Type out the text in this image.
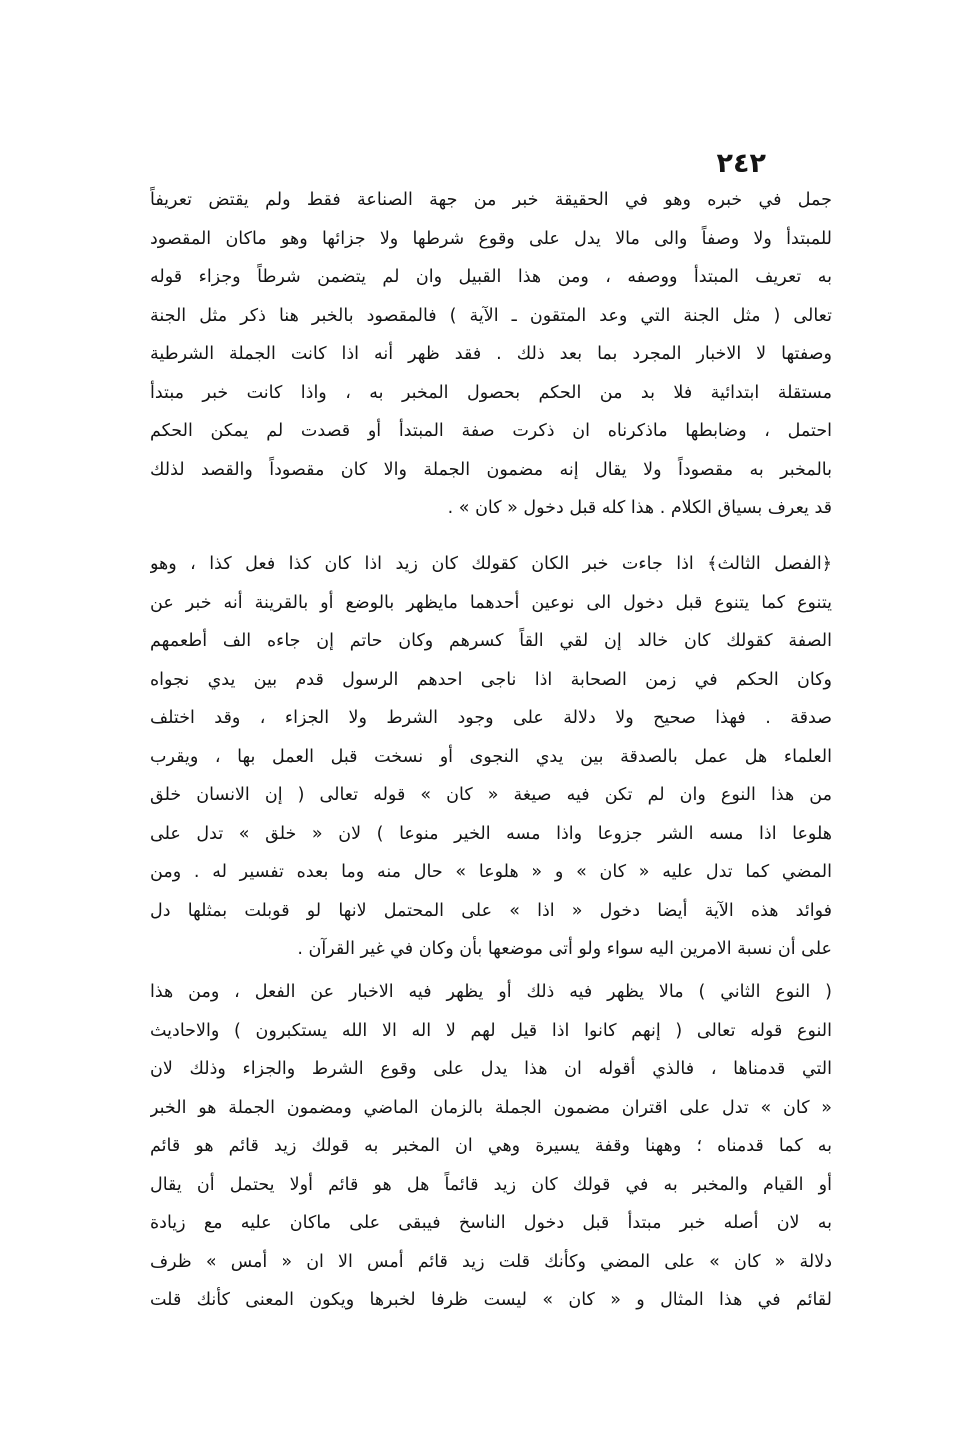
٢٤٢
جمل في خبره وهو في الحقيقة خبر من جهة الصناعة فقط ولم يقتض تعريفاً
للمبتدأ ولا وصفاً والى مالا يدل على وقوع شرطها ولا جزائها وهو ماكان المقصود
به تعريف المبتدأ ووصفه ، ومن هذا القبيل وان لم يتضمن شرطاً وجزاء قوله
تعالى ( مثل الجنة التي وعد المتقون ـ الآية ) فالمقصود بالخبر هنا ذكر مثل الجنة
وصفتها لا الاخبار المجرد بما بعد ذلك . فقد ظهر أنه اذا كانت الجملة الشرطية
مستقلة ابتدائية فلا بد من الحكم بحصول المخبر به ، واذا كانت خبر مبتدأ
احتمل ، وضابطها ماذكرناه ان ذكرت صفة المبتدأ أو قصدت لم يمكن الحكم
بالمخبر به مقصوداً ولا يقال إنه مضمون الجملة والا كان مقصوداً والقصد لذلك
قد يعرف بسياق الكلام . هذا كله قبل دخول « كان » .
﴿الفصل الثالث﴾ اذا جاءت خبر الكان كقولك كان زيد اذا كان كذا فعل كذا ، وهو
يتنوع كما يتنوع قبل دخول الى نوعين أحدهما مايظهر بالوضع أو بالقرينة أنه خبر عن
الصفة كقولك كان خالد إن لقي القاً كسرهم وكان حاتم إن جاءه الف أطعمهم
وكان الحكم في زمن الصحابة اذا ناجى احدهم الرسول قدم بين يدي نجواه
صدقة . فهذا صحيح ولا دلالة على وجود الشرط ولا الجزاء ، وقد اختلف
العلماء هل عمل بالصدقة بين يدي النجوى أو نسخت قبل العمل بها ، ويقرب
من هذا النوع وان لم تكن فيه صيغة « كان » قوله تعالى ( إن الانسان خلق
هلوعا اذا مسه الشر جزوعا واذا مسه الخير منوعا ) لان « خلق » تدل على
المضي كما تدل عليه « كان » و « هلوعا » حال منه وما بعده تفسير له . ومن
فوائد هذه الآية أيضا دخول « اذا » على المحتمل لانها لو قوبلت بمثلها دل
على أن نسبة الامرين اليه سواء ولو أتى موضعها بأن وكان في غير القرآن .
( النوع الثاني ) مالا يظهر فيه ذلك أو يظهر فيه الاخبار عن الفعل ، ومن هذا
النوع قوله تعالى ( إنهم كانوا اذا قيل لهم لا اله الا الله يستكبرون ) والاحاديث
التي قدمناها ، فالذي أقوله ان هذا يدل على وقوع الشرط والجزاء وذلك لان
« كان » تدل على اقتران مضمون الجملة بالزمان الماضي ومضمون الجملة هو الخبر
به كما قدمناه ؛ وههنا وقفة يسيرة وهي ان المخبر به قولك زيد قائم هو قائم
أو القيام والمخبر به في قولك كان زيد قائماً هل هو قائم أولا يحتمل أن يقال
به لان أصله خبر مبتدأ قبل دخول الناسخ فيبقى على ماكان عليه مع زيادة
دلالة « كان » على المضي وكأنك قلت زيد قائم أمس الا ان « أمس » ظرف
لقائم في هذا المثال و « كان » ليست ظرفا لخبرها ويكون المعنى كأنك قلت
